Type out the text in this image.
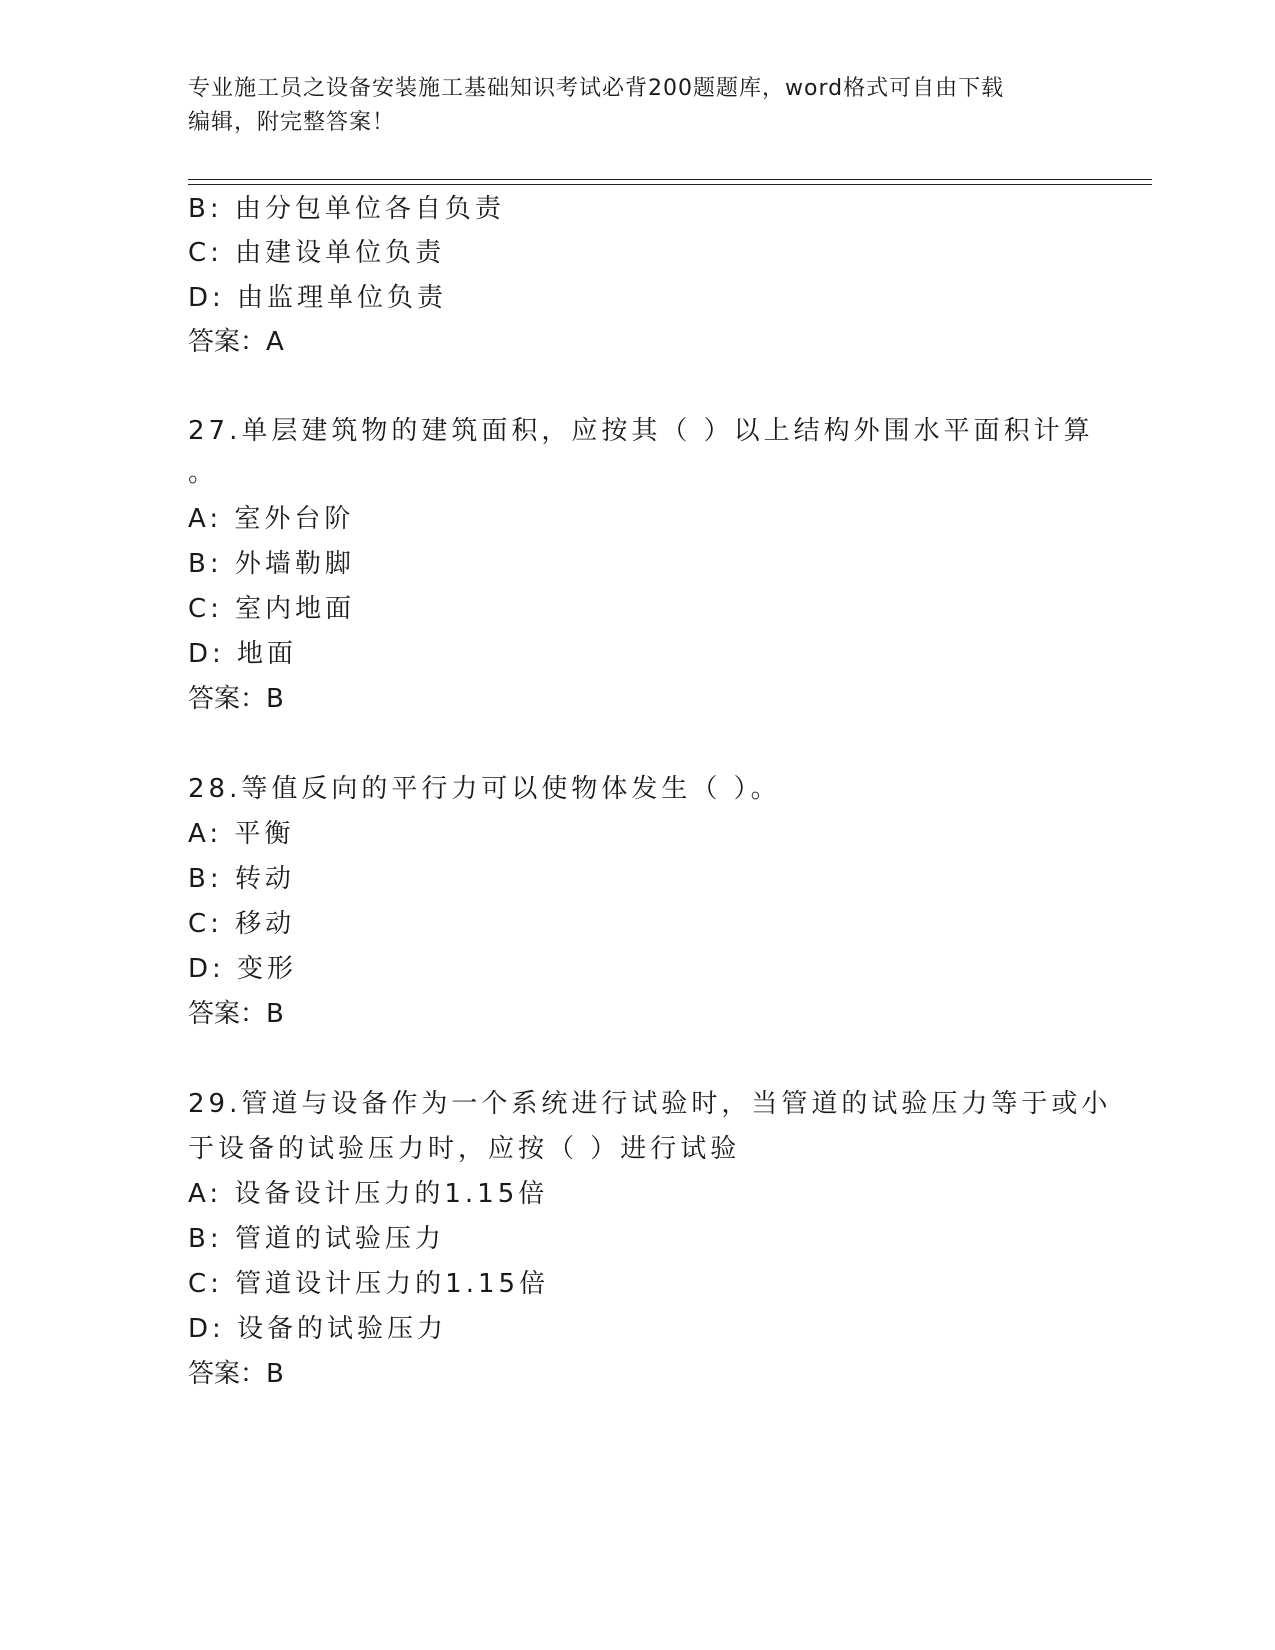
专业施工员之设备安装施工基础知识考试必背200题题库，word格式可自由下载
编辑，附完整答案！
B: 由分包单位各自负责
C: 由建设单位负责
D: 由监理单位负责
答案：A
27.单层建筑物的建筑面积，应按其（ ）以上结构外围水平面积计算
。
A: 室外台阶
B: 外墙勒脚
C: 室内地面
D: 地面
答案：B
28.等值反向的平行力可以使物体发生（ ）。
A: 平衡
B: 转动
C: 移动
D: 变形
答案：B
29.管道与设备作为一个系统进行试验时，当管道的试验压力等于或小
于设备的试验压力时，应按（ ）进行试验
A: 设备设计压力的1.15倍
B: 管道的试验压力
C: 管道设计压力的1.15倍
D: 设备的试验压力
答案：B
